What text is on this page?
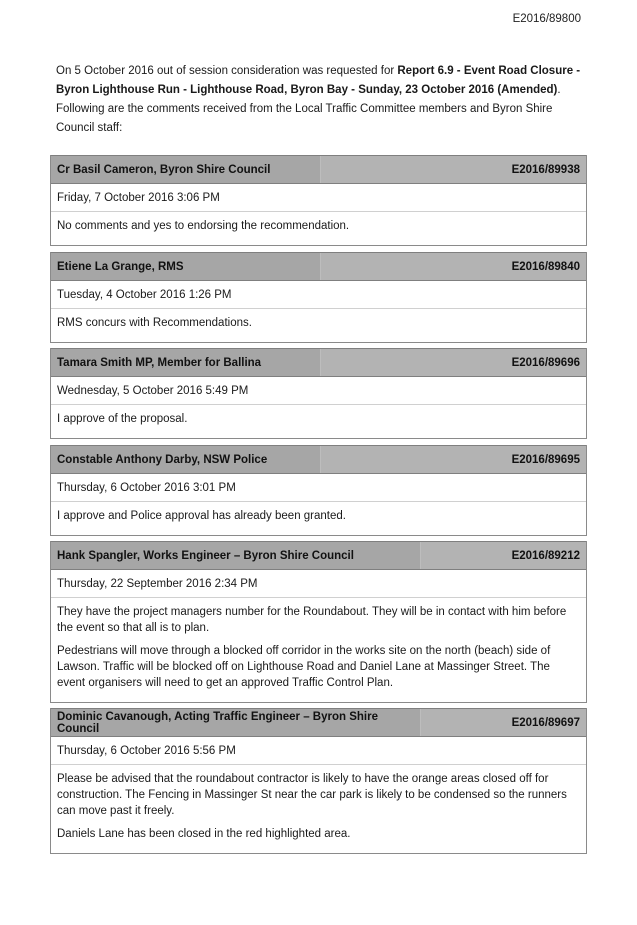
E2016/89800
On 5 October 2016 out of session consideration was requested for Report 6.9 - Event Road Closure - Byron Lighthouse Run - Lighthouse Road, Byron Bay - Sunday, 23 October 2016 (Amended). Following are the comments received from the Local Traffic Committee members and Byron Shire Council staff:
Cr Basil Cameron, Byron Shire Council	E2016/89938
Friday, 7 October 2016 3:06 PM

No comments and yes to endorsing the recommendation.

Etiene La Grange, RMS	E2016/89840
Tuesday, 4 October 2016 1:26 PM

RMS concurs with Recommendations.

Tamara Smith MP, Member for Ballina	E2016/89696
Wednesday, 5 October 2016 5:49 PM

I approve of the proposal.

Constable Anthony Darby, NSW Police	E2016/89695
Thursday, 6 October 2016 3:01 PM

I approve and Police approval has already been granted.

Hank Spangler, Works Engineer – Byron Shire Council	E2016/89212
Thursday, 22 September 2016 2:34 PM

They have the project managers number for the Roundabout. They will be in contact with him before the event so that all is to plan.

Pedestrians will move through a blocked off corridor in the works site on the north (beach) side of Lawson. Traffic will be blocked off on Lighthouse Road and Daniel Lane at Massinger Street. The event organisers will need to get an approved Traffic Control Plan.

Dominic Cavanough, Acting Traffic Engineer – Byron Shire Council	E2016/89697
Thursday, 6 October 2016 5:56 PM

Please be advised that the roundabout contractor is likely to have the orange areas closed off for construction. The Fencing in Massinger St near the car park is likely to be condensed so the runners can move past it freely.

Daniels Lane has been closed in the red highlighted area.
